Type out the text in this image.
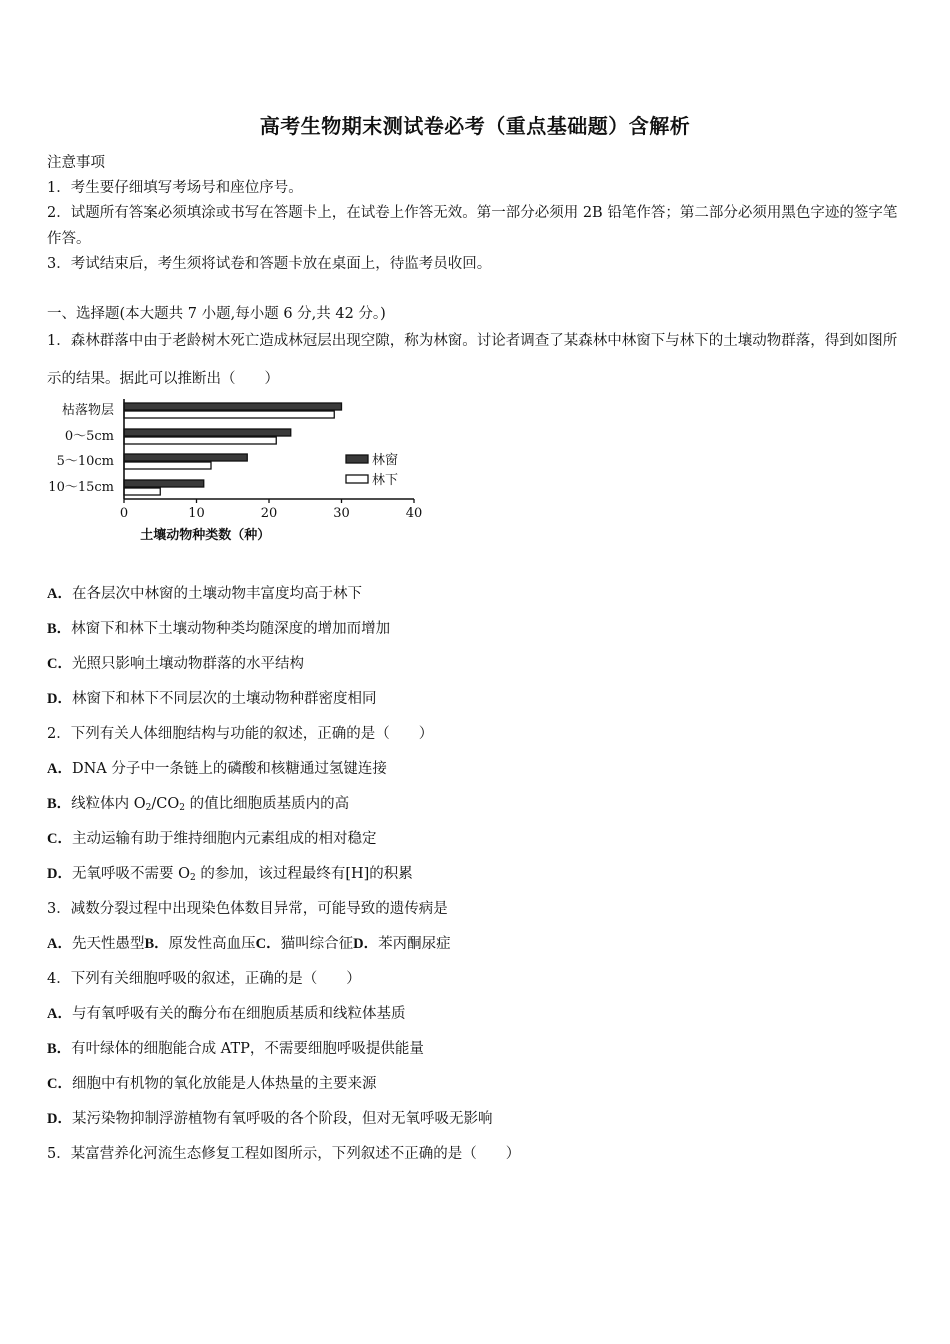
高考生物期末测试卷必考（重点基础题）含解析
注意事项
1．考生要仔细填写考场号和座位序号。
2．试题所有答案必须填涂或书写在答题卡上，在试卷上作答无效。第一部分必须用 2B 铅笔作答；第二部分必须用黑色字迹的签字笔作答。
3．考试结束后，考生须将试卷和答题卡放在桌面上，待监考员收回。
一、选择题(本大题共 7 小题,每小题 6 分,共 42 分。)
1．森林群落中由于老龄树木死亡造成林冠层出现空隙，称为林窗。讨论者调查了某森林中林窗下与林下的土壤动物群落，得到如图所示的结果。据此可以推断出（　　）
枯落物层
0～5cm
5～10cm
10～15cm
0	10	20	30	40
土壤动物种类数（种）
林窗
林下
A．在各层次中林窗的土壤动物丰富度均高于林下
B．林窗下和林下土壤动物种类均随深度的增加而增加
C．光照只影响土壤动物群落的水平结构
D．林窗下和林下不同层次的土壤动物种群密度相同
2．下列有关人体细胞结构与功能的叙述，正确的是（　　）
A．DNA 分子中一条链上的磷酸和核糖通过氢键连接
B．线粒体内 $O_2/CO_2$ 的值比细胞质基质内的高
C．主动运输有助于维持细胞内元素组成的相对稳定
D．无氧呼吸不需要 $O_2$ 的参加，该过程最终有[H]的积累
3．减数分裂过程中出现染色体数目异常，可能导致的遗传病是
A．先天性愚型B．原发性高血压C．猫叫综合征D．苯丙酮尿症
4．下列有关细胞呼吸的叙述，正确的是（　　）
A．与有氧呼吸有关的酶分布在细胞质基质和线粒体基质
B．有叶绿体的细胞能合成 ATP，不需要细胞呼吸提供能量
C．细胞中有机物的氧化放能是人体热量的主要来源
D．某污染物抑制浮游植物有氧呼吸的各个阶段，但对无氧呼吸无影响
5．某富营养化河流生态修复工程如图所示，下列叙述不正确的是（　　）
